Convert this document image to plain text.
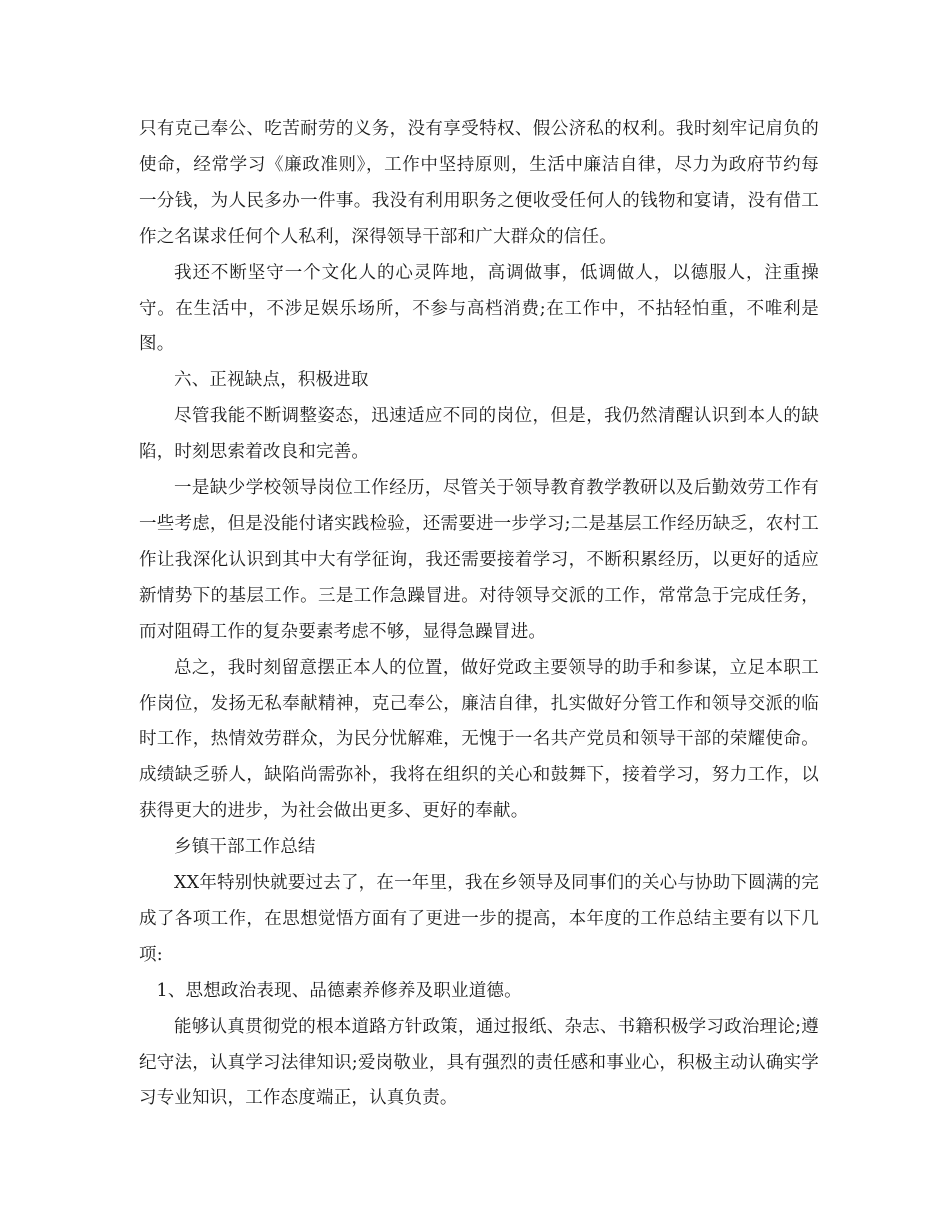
只有克己奉公、吃苦耐劳的义务，没有享受特权、假公济私的权利。我时刻牢记肩负的使命，经常学习《廉政准则》，工作中坚持原则，生活中廉洁自律，尽力为政府节约每一分钱，为人民多办一件事。我没有利用职务之便收受任何人的钱物和宴请，没有借工作之名谋求任何个人私利，深得领导干部和广大群众的信任。

我还不断坚守一个文化人的心灵阵地，高调做事，低调做人，以德服人，注重操守。在生活中，不涉足娱乐场所，不参与高档消费;在工作中，不拈轻怕重，不唯利是图。

六、正视缺点，积极进取

尽管我能不断调整姿态，迅速适应不同的岗位，但是，我仍然清醒认识到本人的缺陷，时刻思索着改良和完善。

一是缺少学校领导岗位工作经历，尽管关于领导教育教学教研以及后勤效劳工作有一些考虑，但是没能付诸实践检验，还需要进一步学习;二是基层工作经历缺乏，农村工作让我深化认识到其中大有学征询，我还需要接着学习，不断积累经历，以更好的适应新情势下的基层工作。三是工作急躁冒进。对待领导交派的工作，常常急于完成任务，而对阻碍工作的复杂要素考虑不够，显得急躁冒进。

总之，我时刻留意摆正本人的位置，做好党政主要领导的助手和参谋，立足本职工作岗位，发扬无私奉献精神，克己奉公，廉洁自律，扎实做好分管工作和领导交派的临时工作，热情效劳群众，为民分忧解难，无愧于一名共产党员和领导干部的荣耀使命。成绩缺乏骄人，缺陷尚需弥补，我将在组织的关心和鼓舞下，接着学习，努力工作，以获得更大的进步，为社会做出更多、更好的奉献。

乡镇干部工作总结

XX年特别快就要过去了，在一年里，我在乡领导及同事们的关心与协助下圆满的完成了各项工作，在思想觉悟方面有了更进一步的提高，本年度的工作总结主要有以下几项:

1、思想政治表现、品德素养修养及职业道德。

能够认真贯彻党的根本道路方针政策，通过报纸、杂志、书籍积极学习政治理论;遵纪守法，认真学习法律知识;爱岗敬业，具有强烈的责任感和事业心，积极主动认确实学习专业知识，工作态度端正，认真负责。
